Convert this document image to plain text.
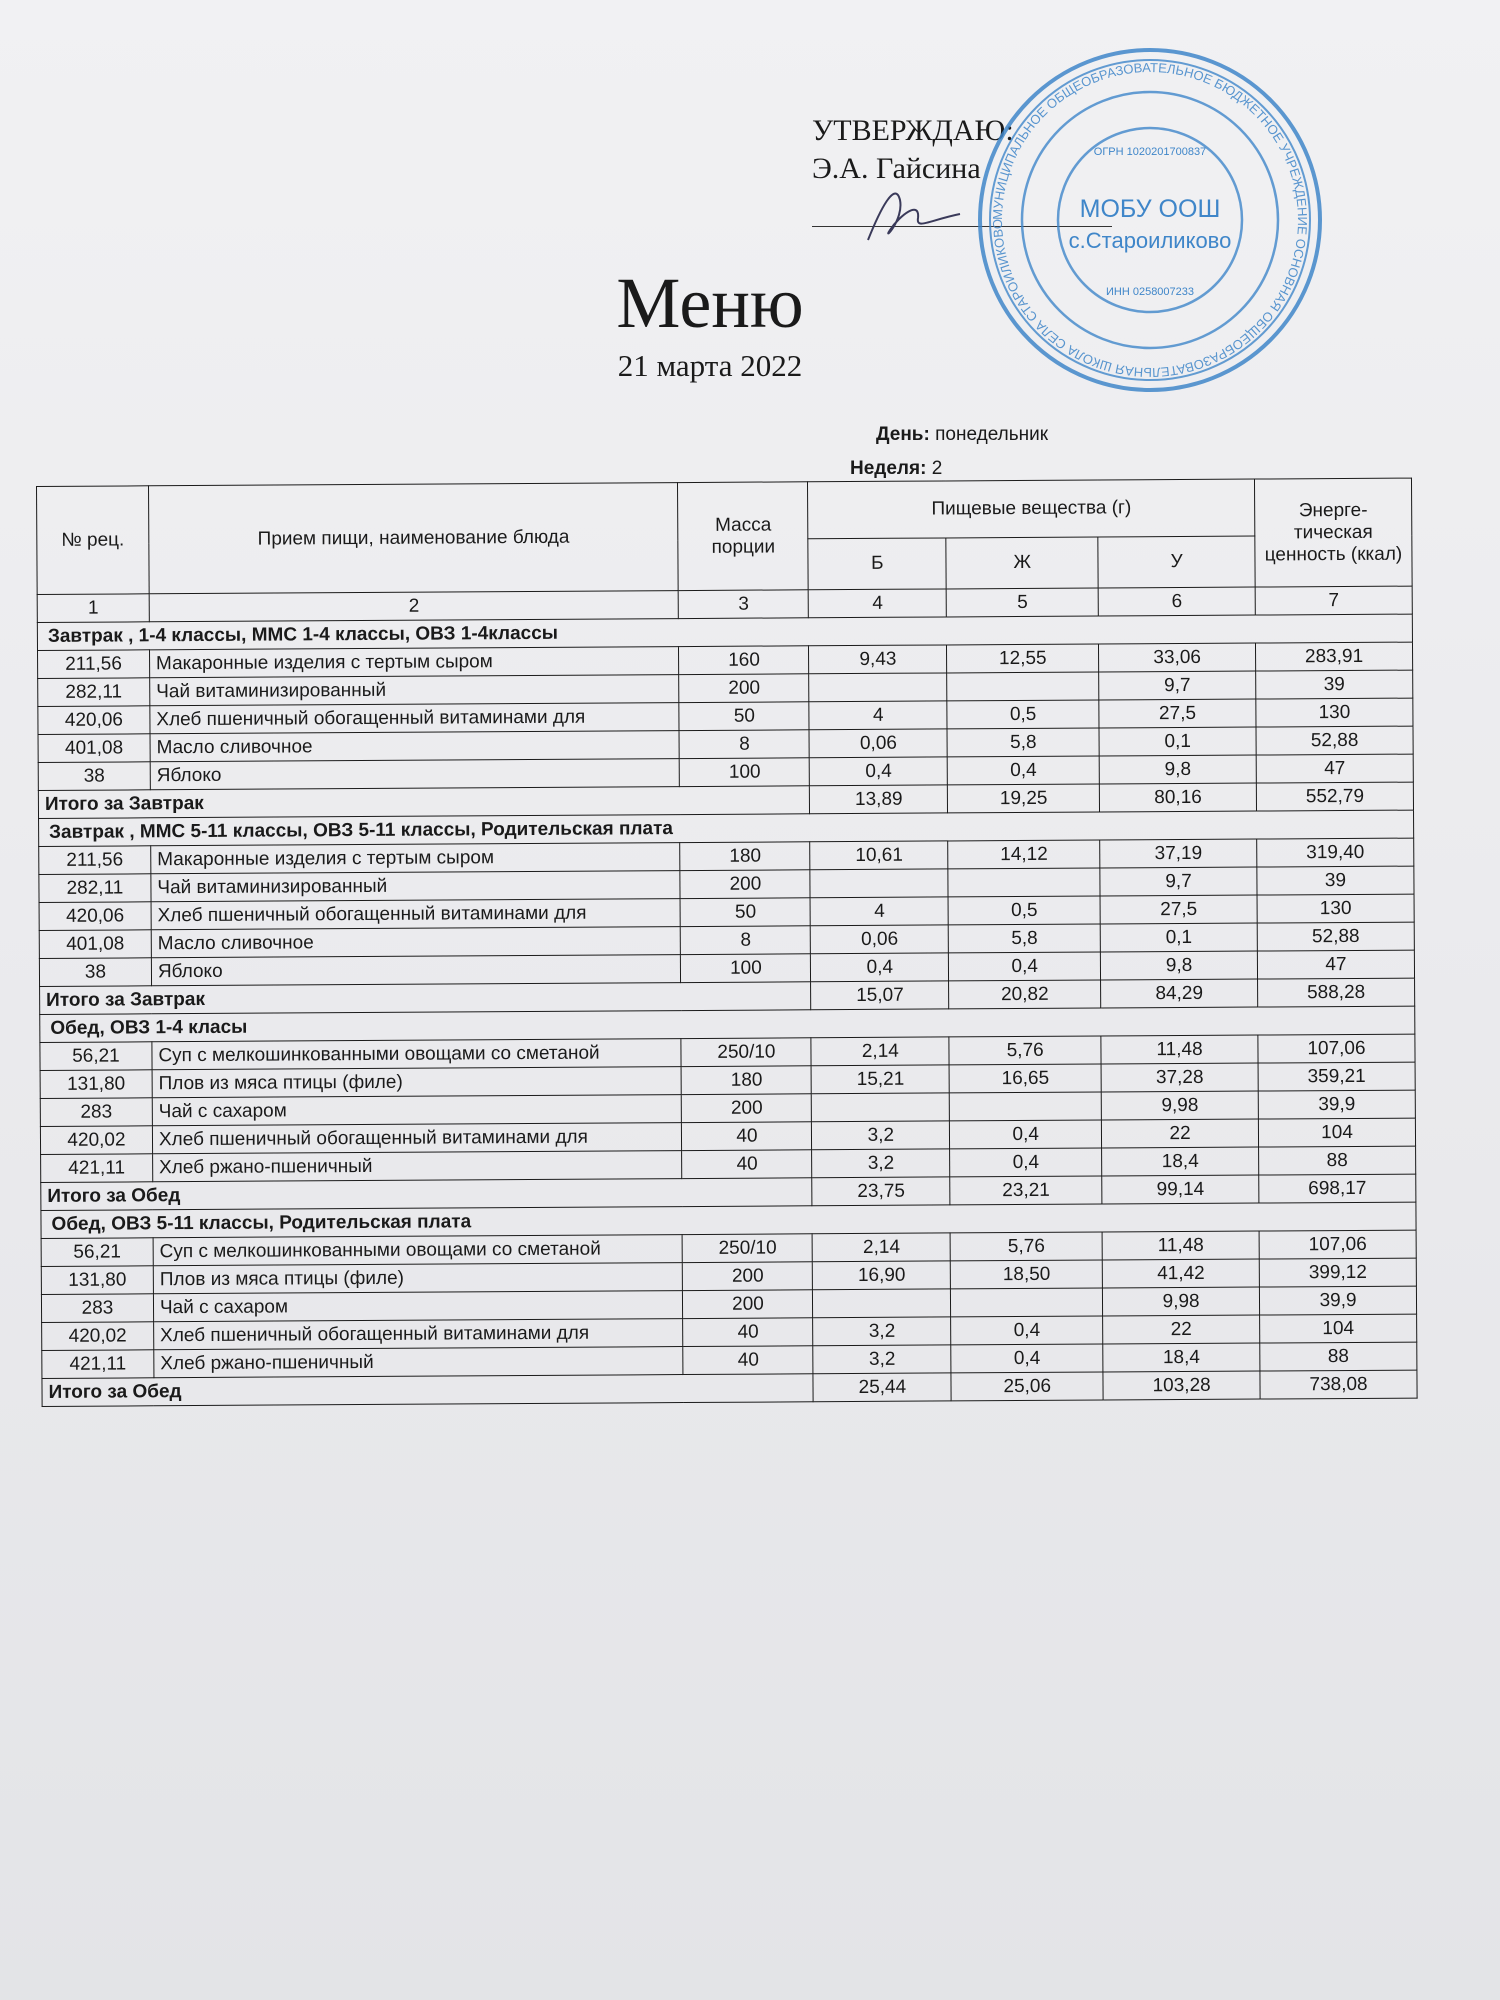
УТВЕРЖДАЮ:
Э.А. Гайсина
МУНИЦИПАЛЬНОЕ ОБЩЕОБРАЗОВАТЕЛЬНОЕ БЮДЖЕТНОЕ УЧРЕЖДЕНИЕ ОСНОВНАЯ ОБЩЕОБРАЗОВАТЕЛЬНАЯ ШКОЛА СЕЛА СТАРОИЛИКОВО
ОГРН 1020201700837
МОБУ ООШ
с.Староиликово
ИНН 0258007233
Меню
21 марта 2022
День: понедельник
Неделя: 2
№ рец.	Прием пищи, наименование блюда	Масса порции	Пищевые вещества (г)			Энерге-тическая ценность (ккал)
			Б	Ж	У	
1	2	3	4	5	6	7
Завтрак , 1-4 классы, ММС 1-4 классы, ОВЗ 1-4классы						
211,56	Макаронные изделия с тертым сыром	160	9,43	12,55	33,06	283,91
282,11	Чай витаминизированный	200			9,7	39
420,06	Хлеб пшеничный обогащенный витаминами для	50	4	0,5	27,5	130
401,08	Масло сливочное	8	0,06	5,8	0,1	52,88
38	Яблоко	100	0,4	0,4	9,8	47
Итого за Завтрак			13,89	19,25	80,16	552,79
Завтрак , ММС 5-11 классы, ОВЗ 5-11 классы, Родительская плата						
211,56	Макаронные изделия с тертым сыром	180	10,61	14,12	37,19	319,40
282,11	Чай витаминизированный	200			9,7	39
420,06	Хлеб пшеничный обогащенный витаминами для	50	4	0,5	27,5	130
401,08	Масло сливочное	8	0,06	5,8	0,1	52,88
38	Яблоко	100	0,4	0,4	9,8	47
Итого за Завтрак			15,07	20,82	84,29	588,28
Обед, ОВЗ 1-4 класы						
56,21	Суп с мелкошинкованными овощами со сметаной	250/10	2,14	5,76	11,48	107,06
131,80	Плов из мяса птицы (филе)	180	15,21	16,65	37,28	359,21
283	Чай с сахаром	200			9,98	39,9
420,02	Хлеб пшеничный обогащенный витаминами для	40	3,2	0,4	22	104
421,11	Хлеб ржано-пшеничный	40	3,2	0,4	18,4	88
Итого за Обед			23,75	23,21	99,14	698,17
Обед, ОВЗ 5-11 классы, Родительская плата						
56,21	Суп с мелкошинкованными овощами со сметаной	250/10	2,14	5,76	11,48	107,06
131,80	Плов из мяса птицы (филе)	200	16,90	18,50	41,42	399,12
283	Чай с сахаром	200			9,98	39,9
420,02	Хлеб пшеничный обогащенный витаминами для	40	3,2	0,4	22	104
421,11	Хлеб ржано-пшеничный	40	3,2	0,4	18,4	88
Итого за Обед			25,44	25,06	103,28	738,08
